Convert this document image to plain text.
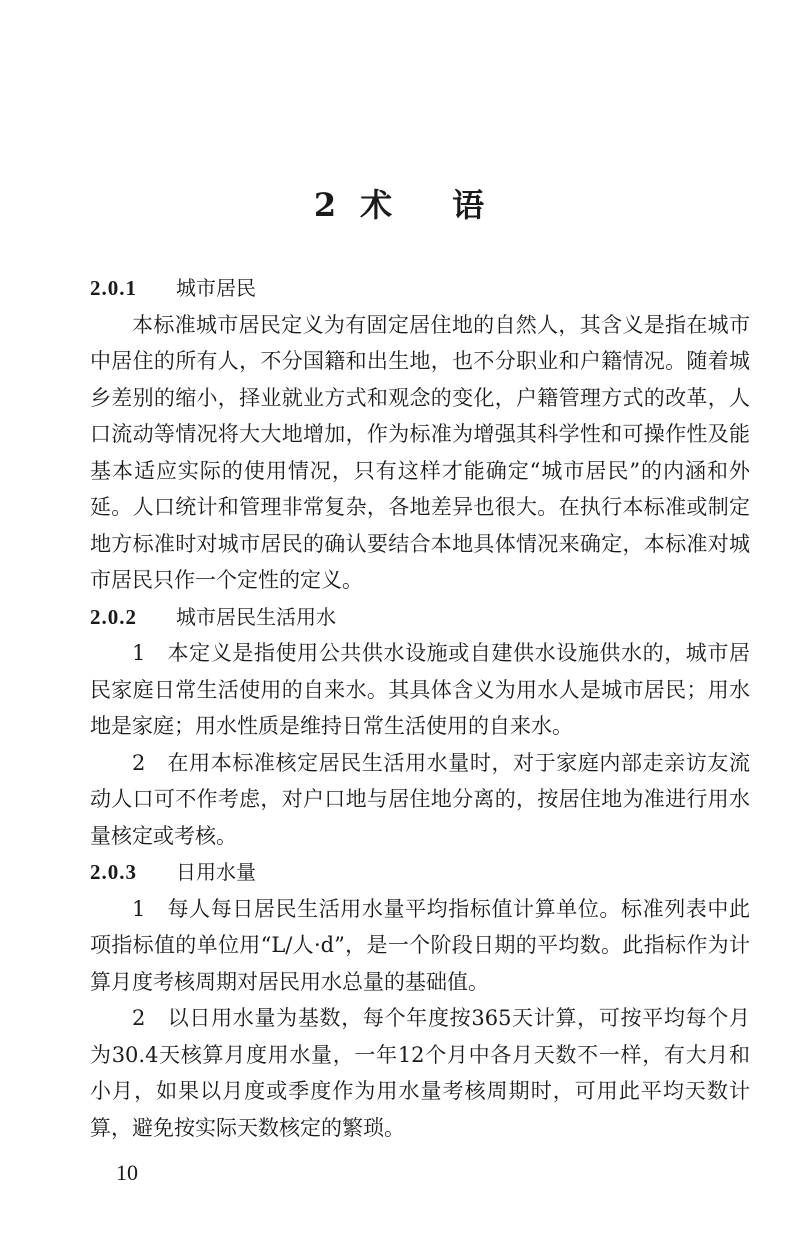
2 术 语
2.0.1	城市居民

本标准城市居民定义为有固定居住地的自然人，其含义是指在城市中居住的所有人，不分国籍和出生地，也不分职业和户籍情况。随着城乡差别的缩小，择业就业方式和观念的变化，户籍管理方式的改革，人口流动等情况将大大地增加，作为标准为增强其科学性和可操作性及能基本适应实际的使用情况，只有这样才能确定“城市居民”的内涵和外延。人口统计和管理非常复杂，各地差异也很大。在执行本标准或制定地方标准时对城市居民的确认要结合本地具体情况来确定，本标准对城市居民只作一个定性的定义。

2.0.2	城市居民生活用水

1　本定义是指使用公共供水设施或自建供水设施供水的，城市居民家庭日常生活使用的自来水。其具体含义为用水人是城市居民；用水地是家庭；用水性质是维持日常生活使用的自来水。

2　在用本标准核定居民生活用水量时，对于家庭内部走亲访友流动人口可不作考虑，对户口地与居住地分离的，按居住地为准进行用水量核定或考核。

2.0.3	日用水量

1　每人每日居民生活用水量平均指标值计算单位。标准列表中此项指标值的单位用“L/人·d”，是一个阶段日期的平均数。此指标作为计算月度考核周期对居民用水总量的基础值。

2　以日用水量为基数，每个年度按365天计算，可按平均每个月为30.4天核算月度用水量，一年12个月中各月天数不一样，有大月和小月，如果以月度或季度作为用水量考核周期时，可用此平均天数计算，避免按实际天数核定的繁琐。

10
